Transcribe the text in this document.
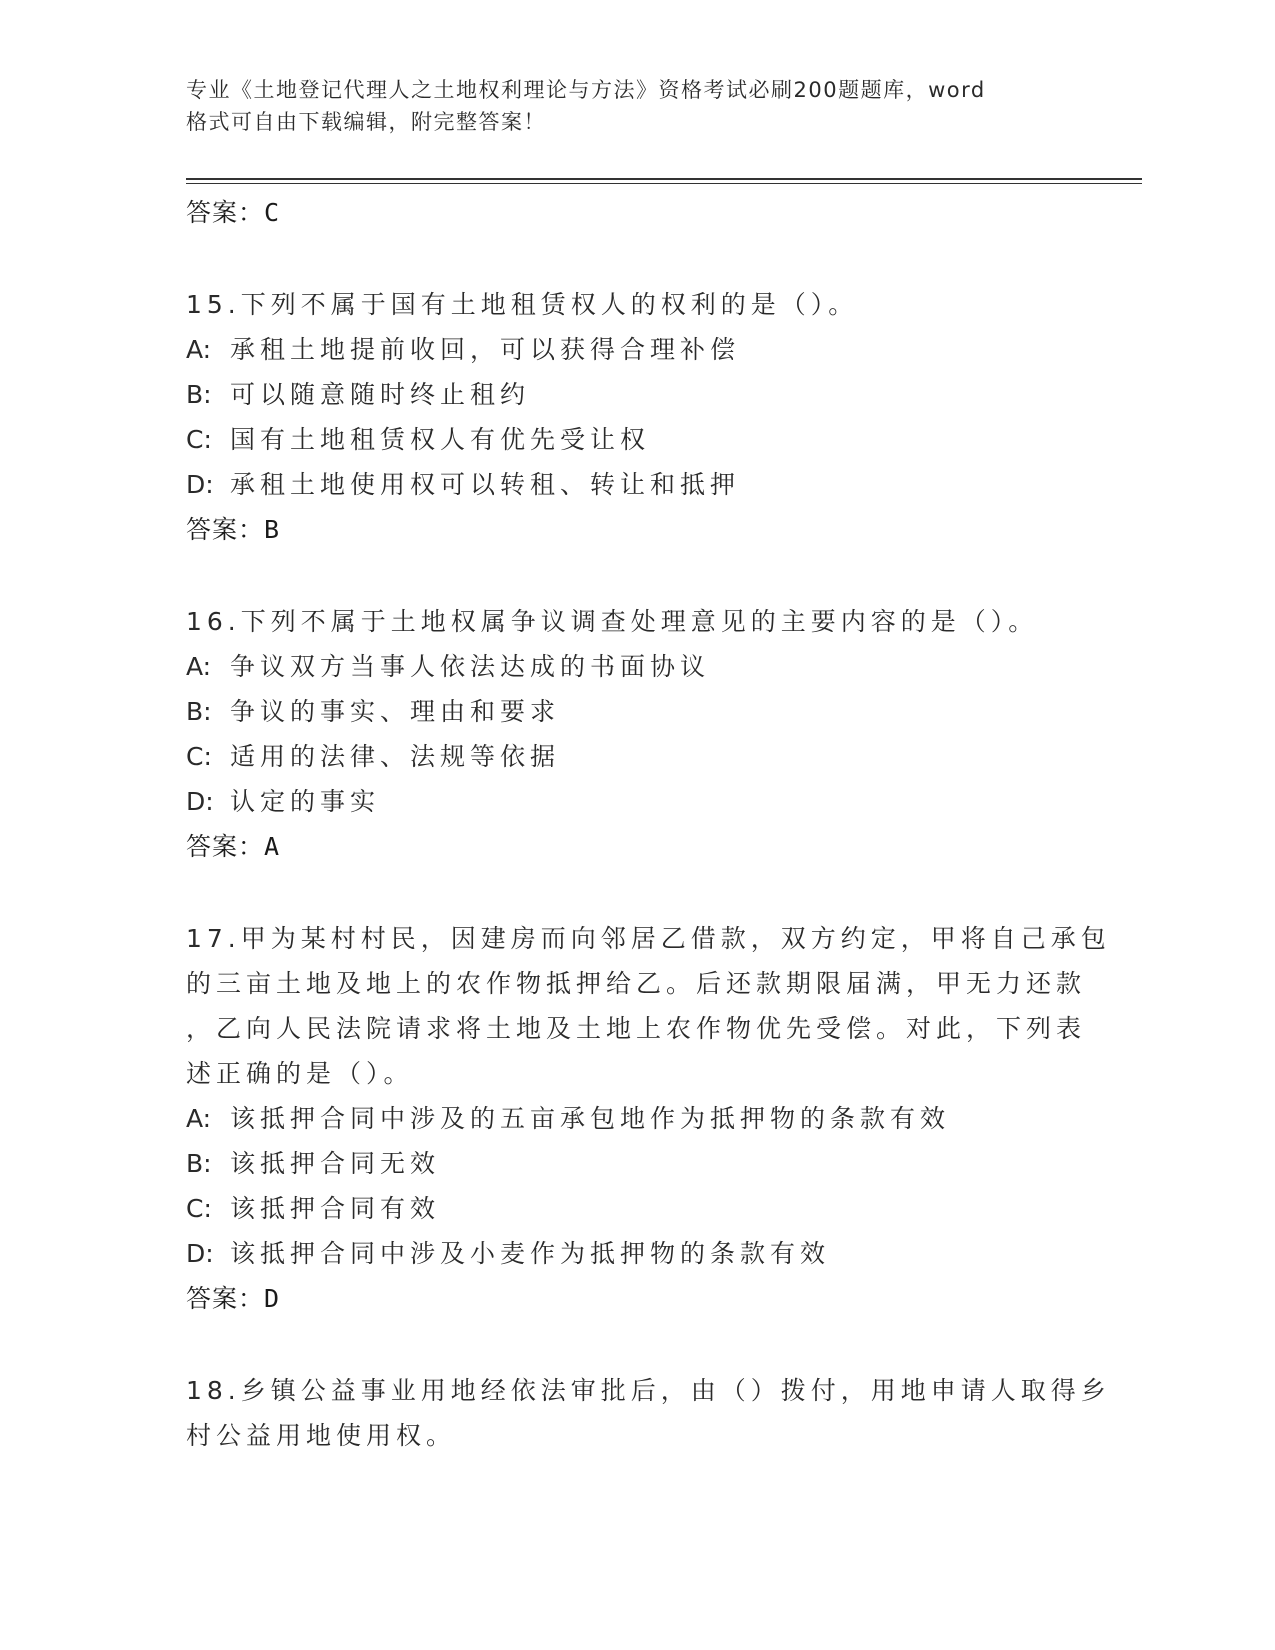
专业《土地登记代理人之土地权利理论与方法》资格考试必刷200题题库，word
格式可自由下载编辑，附完整答案！
答案：C
15.下列不属于国有土地租赁权人的权利的是（）。
A: 承租土地提前收回，可以获得合理补偿
B: 可以随意随时终止租约
C: 国有土地租赁权人有优先受让权
D: 承租土地使用权可以转租、转让和抵押
答案：B
16.下列不属于土地权属争议调查处理意见的主要内容的是（）。
A: 争议双方当事人依法达成的书面协议
B: 争议的事实、理由和要求
C: 适用的法律、法规等依据
D: 认定的事实
答案：A
17.甲为某村村民，因建房而向邻居乙借款，双方约定，甲将自己承包
的三亩土地及地上的农作物抵押给乙。后还款期限届满，甲无力还款
，乙向人民法院请求将土地及土地上农作物优先受偿。对此，下列表
述正确的是（）。
A: 该抵押合同中涉及的五亩承包地作为抵押物的条款有效
B: 该抵押合同无效
C: 该抵押合同有效
D: 该抵押合同中涉及小麦作为抵押物的条款有效
答案：D
18.乡镇公益事业用地经依法审批后，由（）拨付，用地申请人取得乡
村公益用地使用权。
